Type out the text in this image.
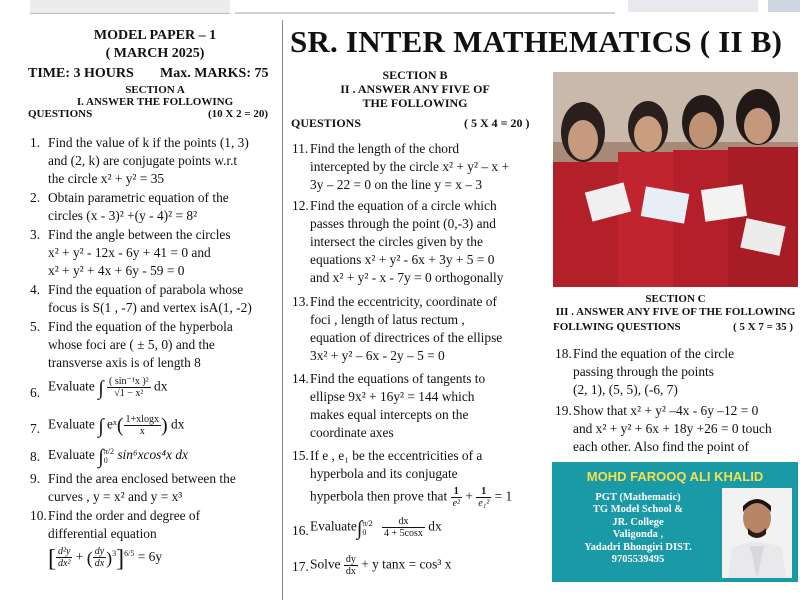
MODEL PAPER – 1
( MARCH 2025)
TIME: 3 HOURS Max. MARKS: 75
SECTION A
I. ANSWER THE FOLLOWING
QUESTIONS	(10 X 2 = 20)
1. Find the value of k if the points (1, 3)
and (2, k) are conjugate points w.r.t
the circle x² + y² = 35
2. Obtain parametric equation of the
circles (x - 3)² +(y - 4)² = 8²
3. Find the angle between the circles
x² + y² - 12x - 6y + 41 = 0 and
x² + y² + 4x + 6y - 59 = 0
4. Find the equation of parabola whose
focus is S(1 , -7) and vertex isA(1, -2)
5. Find the equation of the hyperbola
whose foci are ( ± 5, 0) and the
transverse axis is of length 8
6. Evaluate ∫ $\frac{\text{( sin⁻¹x )²}}{\text{√1 − x²}}$ dx
7. Evaluate ∫ eˣ( $\frac{1+xlogx}{x}$ ) dx
8. Evaluate ∫ π/2
0 sin⁶xcos⁴x dx
9. Find the area enclosed between the
curves , y = x² and y = x³
10. Find the order and degree of
differential equation
[ $\frac{\text{d²y}}{\text{dx²}}$ + ( $\frac{dy}{dx} )^3]^{6/5} = 6y$
SR. INTER MATHEMATICS ( II B)
SECTION B
II . ANSWER ANY FIVE OF
THE FOLLOWING
QUESTIONS	( 5 X 4 = 20 )
11. Find the length of the chord
intercepted by the circle x² + y² – x +
3y – 22 = 0 on the line y = x – 3
12. Find the equation of a circle which
passes through the point (0,-3) and
intersect the circles given by the
equations x² + y² - 6x + 3y + 5 = 0
and x² + y² - x - 7y = 0 orthogonally
13. Find the eccentricity, coordinate of
foci , length of latus rectum ,
equation of directrices of the ellipse
3x² + y² – 6x - 2y – 5 = 0
14. Find the equations of tangents to
ellipse 9x² + 16y² = 144 which
makes equal intercepts on the
coordinate axes
15. If e , e₁ be the eccentricities of a
hyperbola and its conjugate
hyperbola then prove that $\frac{1}{\text{e²}} + \frac{1}{\text{e₁²}} = 1$
16. Evaluate∫ π/2
0
	$\frac{dx}{4 + 5\cos x}$ dx
17. Solve $\frac{dy}{dx} + y$ tanx = cos³ x
SECTION C
III . ANSWER ANY FIVE OF THE FOLLOWING
FOLLWING QUESTIONS	( 5 X 7 = 35 )
18. Find the equation of the circle
passing through the points
(2, 1), (5, 5), (-6, 7)
19. Show that x² + y² –4x - 6y –12 = 0
and x² + y² + 6x + 18y +26 = 0 touch
each other. Also find the point of
MOHD FAROOQ ALI KHALID
PGT (Mathematic)
TG Model School &
JR. College
Valigonda ,
Yadadri Bhongiri DIST.
9705539495
